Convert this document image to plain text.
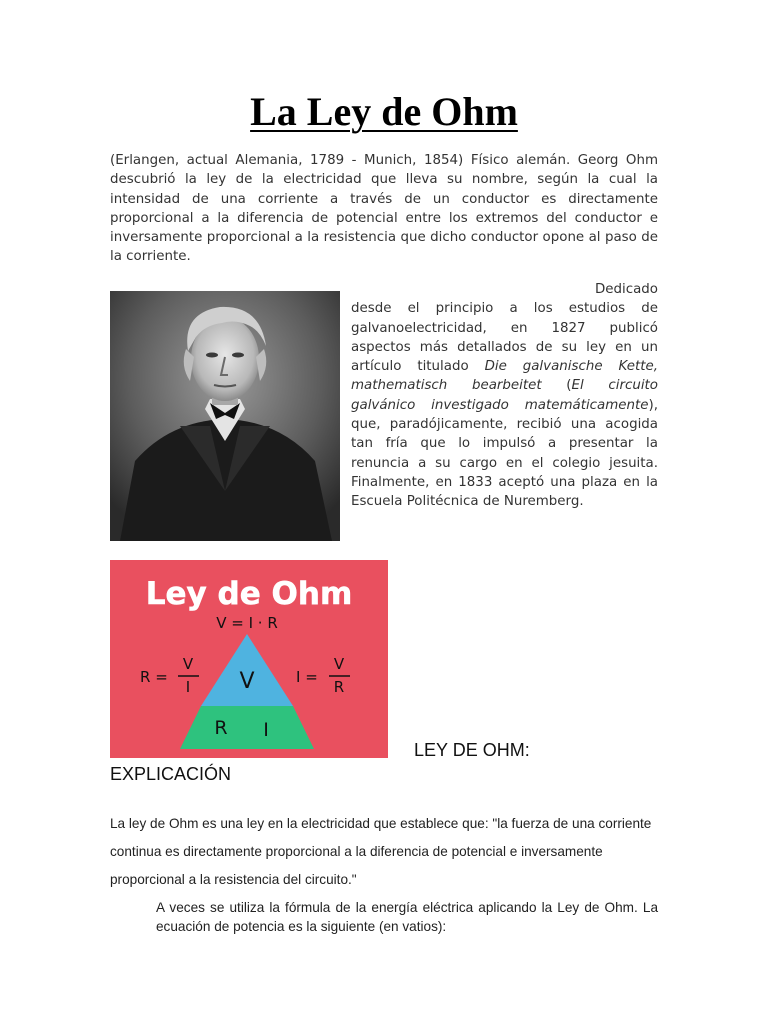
La Ley de Ohm

(Erlangen, actual Alemania, 1789 - Munich, 1854) Físico alemán. Georg Ohm descubrió la ley de la electricidad que lleva su nombre, según la cual la intensidad de una corriente a través de un conductor es directamente proporcional a la diferencia de potencial entre los extremos del conductor e inversamente proporcional a la resistencia que dicho conductor opone al paso de la corriente.

Dedicado
desde el principio a los estudios de galvanoelectricidad, en 1827 publicó aspectos más detallados de su ley en un artículo titulado Die galvanische Kette, mathematisch bearbeitet (El circuito galvánico investigado matemáticamente), que, paradójicamente, recibió una acogida tan fría que lo impulsó a presentar la renuncia a su cargo en el colegio jesuita. Finalmente, en 1833 aceptó una plaza en la Escuela Politécnica de Nuremberg.
Ley de Ohm
V = I · R
V
R I
R =
V
I
I =
V
R
LEY DE OHM:
EXPLICACIÓN

La ley de Ohm es una ley en la electricidad que establece que: "la fuerza de una corriente continua es directamente proporcional a la diferencia de potencial e inversamente proporcional a la resistencia del circuito."

A veces se utiliza la fórmula de la energía eléctrica aplicando la Ley de Ohm. La ecuación de potencia es la siguiente (en vatios):
